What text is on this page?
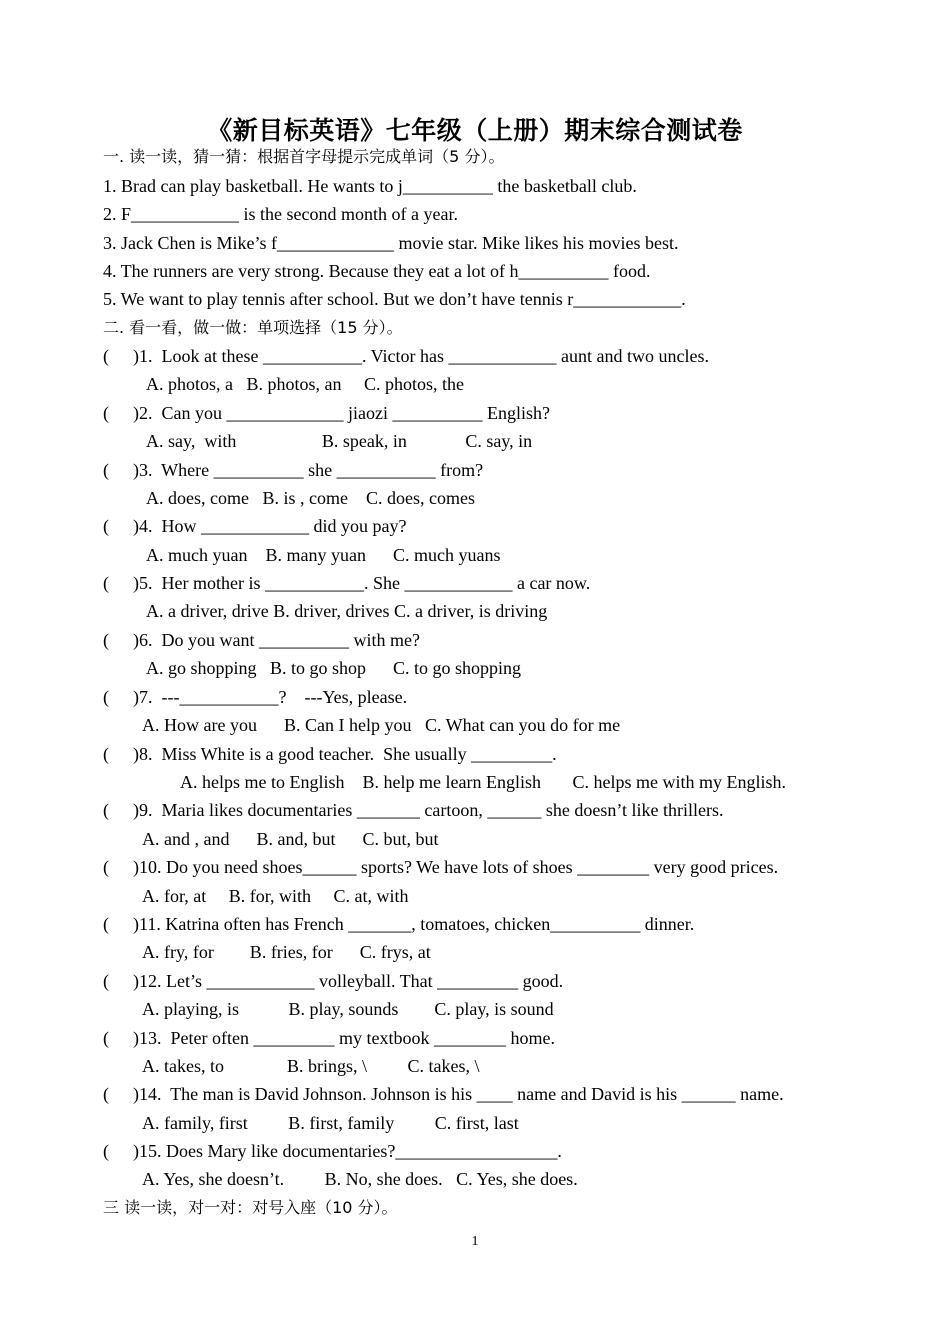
《新目标英语》七年级（上册）期末综合测试卷
一. 读一读，猜一猜：根据首字母提示完成单词（5 分）。
1. Brad can play basketball. He wants to j__________ the basketball club.
2. F____________ is the second month of a year.
3. Jack Chen is Mike’s f_____________ movie star. Mike likes his movies best.
4. The runners are very strong. Because they eat a lot of h__________ food.
5. We want to play tennis after school. But we don’t have tennis r____________.
二. 看一看，做一做：单项选择（15 分）。
( )1.  Look at these ___________. Victor has ____________ aunt and two uncles.
A. photos, a   B. photos, an     C. photos, the
( )2.  Can you _____________ jiaozi __________ English?
A. say,  with                   B. speak, in             C. say, in
( )3.  Where __________ she ___________ from?
A. does, come   B. is , come    C. does, comes
( )4.  How ____________ did you pay?
A. much yuan    B. many yuan      C. much yuans
( )5.  Her mother is ___________. She ____________ a car now.
A. a driver, drive B. driver, drives C. a driver, is driving
( )6.  Do you want __________ with me?
A. go shopping   B. to go shop      C. to go shopping
( )7.  ---___________?    ---Yes, please.
A. How are you      B. Can I help you   C. What can you do for me
( )8.  Miss White is a good teacher.  She usually _________.
A. helps me to English    B. help me learn English       C. helps me with my English.
( )9.  Maria likes documentaries _______ cartoon, ______ she doesn’t like thrillers.
A. and , and      B. and, but      C. but, but
( )10. Do you need shoes______ sports? We have lots of shoes ________ very good prices.
A. for, at     B. for, with     C. at, with
( )11. Katrina often has French _______, tomatoes, chicken__________ dinner.
A. fry, for        B. fries, for      C. frys, at
( )12. Let’s ____________ volleyball. That _________ good.
A. playing, is           B. play, sounds        C. play, is sound
( )13.  Peter often _________ my textbook ________ home.
A. takes, to              B. brings, \         C. takes, \
( )14.  The man is David Johnson. Johnson is his ____ name and David is his ______ name.
A. family, first         B. first, family         C. first, last
( )15. Does Mary like documentaries?__________________.
A. Yes, she doesn’t.         B. No, she does.   C. Yes, she does.
三 读一读，对一对：对号入座（10 分）。
1
